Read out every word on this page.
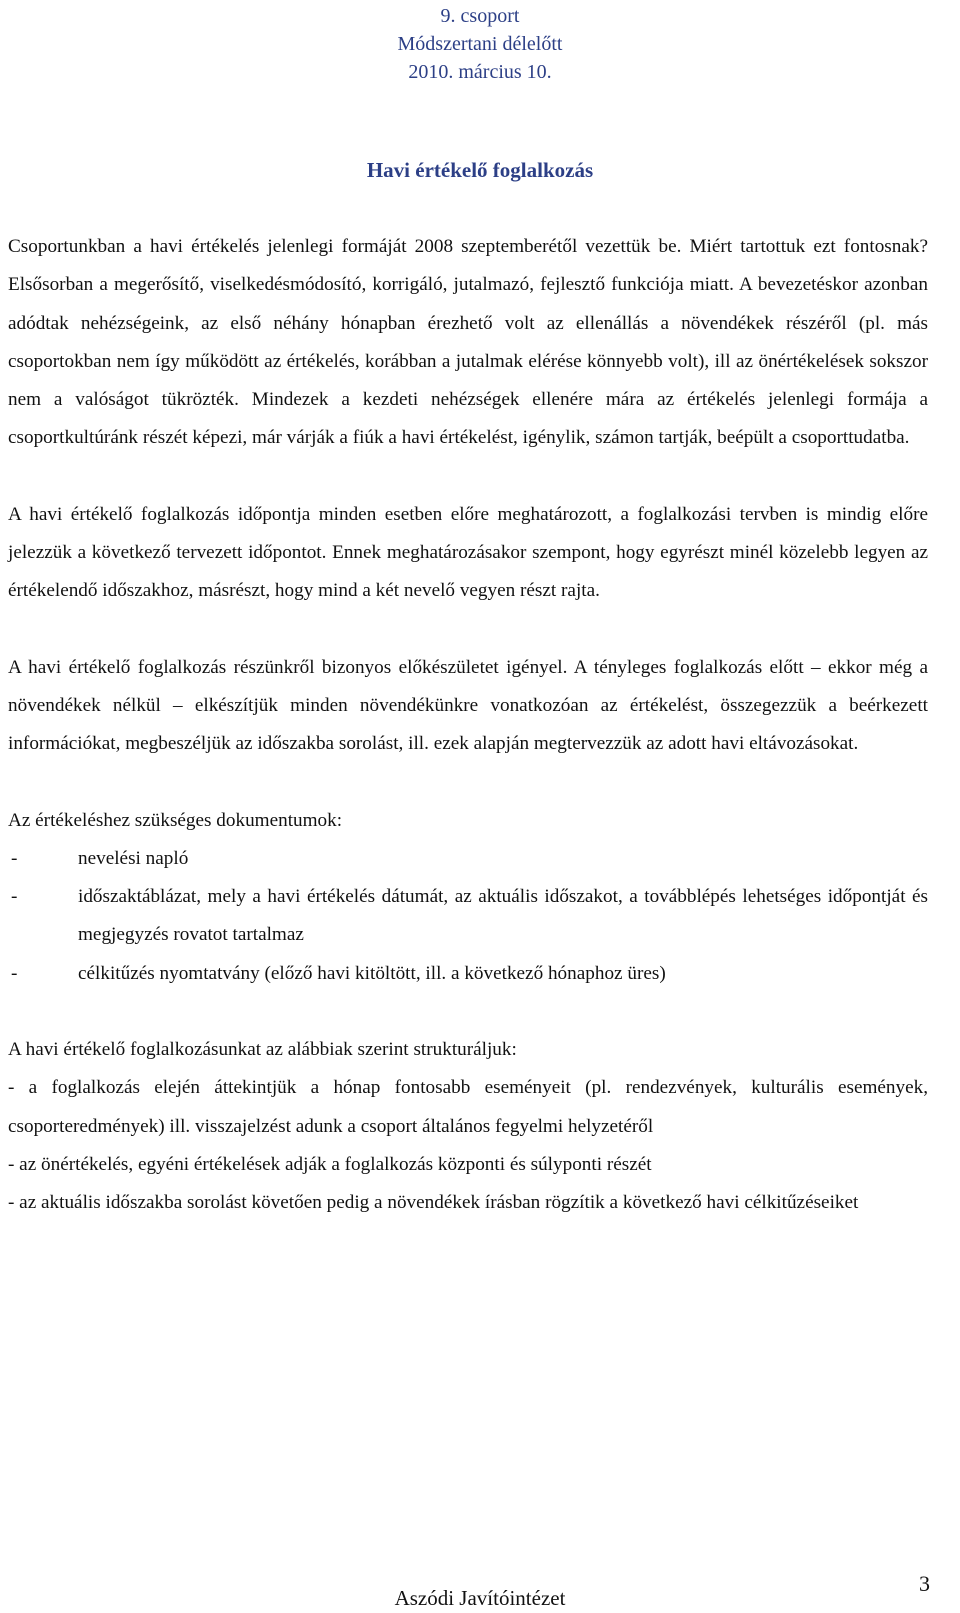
9. csoport
Módszertani délelőtt
2010. március 10.
Havi értékelő foglalkozás

Csoportunkban a havi értékelés jelenlegi formáját 2008 szeptemberétől vezettük be. Miért tartottuk ezt fontosnak? Elsősorban a megerősítő, viselkedésmódosító, korrigáló, jutalmazó, fejlesztő funkciója miatt. A bevezetéskor azonban adódtak nehézségeink, az első néhány hónapban érezhető volt az ellenállás a növendékek részéről (pl. más csoportokban nem így működött az értékelés, korábban a jutalmak elérése könnyebb volt), ill az önértékelések sokszor nem a valóságot tükrözték. Mindezek a kezdeti nehézségek ellenére mára az értékelés jelenlegi formája a csoportkultúránk részét képezi, már várják a fiúk a havi értékelést, igénylik, számon tartják, beépült a csoporttudatba.

A havi értékelő foglalkozás időpontja minden esetben előre meghatározott, a foglalkozási tervben is mindig előre jelezzük a következő tervezett időpontot. Ennek meghatározásakor szempont, hogy egyrészt minél közelebb legyen az értékelendő időszakhoz, másrészt, hogy mind a két nevelő vegyen részt rajta.

A havi értékelő foglalkozás részünkről bizonyos előkészületet igényel. A tényleges foglalkozás előtt – ekkor még a növendékek nélkül – elkészítjük minden növendékünkre vonatkozóan az értékelést, összegezzük a beérkezett információkat, megbeszéljük az időszakba sorolást, ill. ezek alapján megtervezzük az adott havi eltávozásokat.

Az értékeléshez szükséges dokumentumok:

-	nevelési napló
-	időszaktáblázat, mely a havi értékelés dátumát, az aktuális időszakot, a továbblépés lehetséges időpontját és megjegyzés rovatot tartalmaz
-	célkitűzés nyomtatvány (előző havi kitöltött, ill. a következő hónaphoz üres)

A havi értékelő foglalkozásunkat az alábbiak szerint strukturáljuk:

- a foglalkozás elején áttekintjük a hónap fontosabb eseményeit (pl. rendezvények, kulturális események, csoporteredmények) ill. visszajelzést adunk a csoport általános fegyelmi helyzetéről

- az önértékelés, egyéni értékelések adják a foglalkozás központi és súlyponti részét

- az aktuális időszakba sorolást követően pedig a növendékek írásban rögzítik a következő havi célkitűzéseiket

3
Aszódi Javítóintézet
